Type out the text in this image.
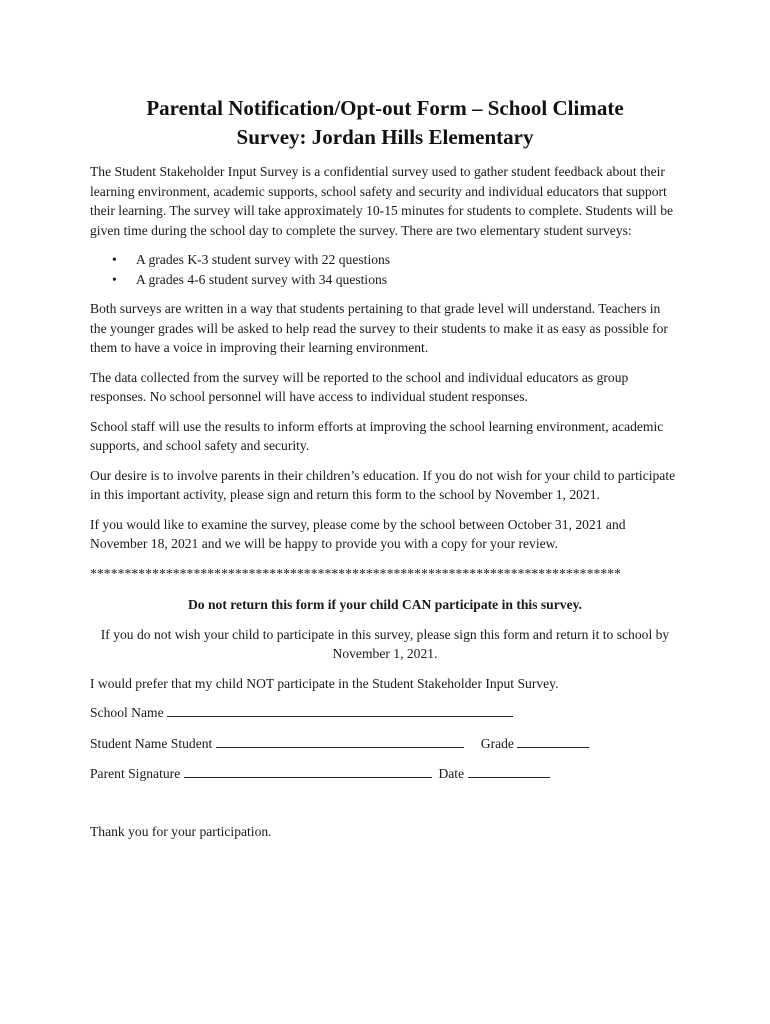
Parental Notification/Opt-out Form – School Climate
Survey: Jordan Hills Elementary

The Student Stakeholder Input Survey is a confidential survey used to gather student feedback about their learning environment, academic supports, school safety and security and individual educators that support their learning. The survey will take approximately 10-15 minutes for students to complete. Students will be given time during the school day to complete the survey. There are two elementary student surveys:

• A grades K-3 student survey with 22 questions
• A grades 4-6 student survey with 34 questions

Both surveys are written in a way that students pertaining to that grade level will understand. Teachers in the younger grades will be asked to help read the survey to their students to make it as easy as possible for them to have a voice in improving their learning environment.

The data collected from the survey will be reported to the school and individual educators as group responses. No school personnel will have access to individual student responses.

School staff will use the results to inform efforts at improving the school learning environment, academic supports, and school safety and security.

Our desire is to involve parents in their children’s education. If you do not wish for your child to participate in this important activity, please sign and return this form to the school by November 1, 2021.

If you would like to examine the survey, please come by the school between October 31, 2021 and November 18, 2021 and we will be happy to provide you with a copy for your review.

*****************************************************************************

Do not return this form if your child CAN participate in this survey.

If you do not wish your child to participate in this survey, please sign this form and return it to school by November 1, 2021.

I would prefer that my child NOT participate in the Student Stakeholder Input Survey.

School Name
Student Name Student	Grade
Parent Signature	Date

Thank you for your participation.
